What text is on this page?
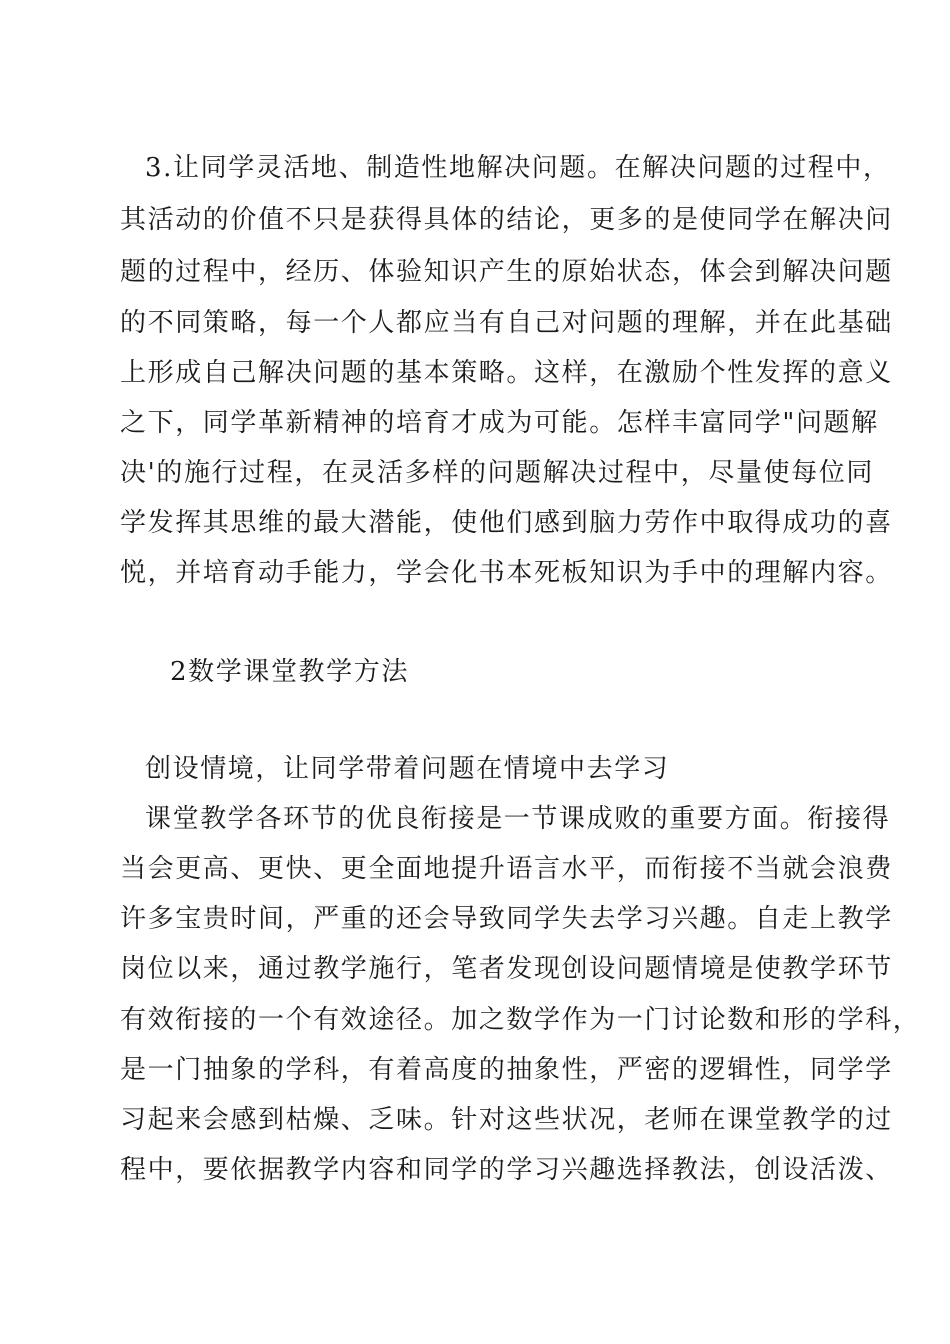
3.让同学灵活地、制造性地解决问题。在解决问题的过程中，
其活动的价值不只是获得具体的结论，更多的是使同学在解决问
题的过程中，经历、体验知识产生的原始状态，体会到解决问题
的不同策略，每一个人都应当有自己对问题的理解，并在此基础
上形成自己解决问题的基本策略。这样，在激励个性发挥的意义
之下，同学革新精神的培育才成为可能。怎样丰富同学"问题解
决'的施行过程，在灵活多样的问题解决过程中，尽量使每位同
学发挥其思维的最大潜能，使他们感到脑力劳作中取得成功的喜
悦，并培育动手能力，学会化书本死板知识为手中的理解内容。
2数学课堂教学方法
创设情境，让同学带着问题在情境中去学习
课堂教学各环节的优良衔接是一节课成败的重要方面。衔接得
当会更高、更快、更全面地提升语言水平，而衔接不当就会浪费
许多宝贵时间，严重的还会导致同学失去学习兴趣。自走上教学
岗位以来，通过教学施行，笔者发现创设问题情境是使教学环节
有效衔接的一个有效途径。加之数学作为一门讨论数和形的学科，
是一门抽象的学科，有着高度的抽象性，严密的逻辑性，同学学
习起来会感到枯燥、乏味。针对这些状况，老师在课堂教学的过
程中，要依据教学内容和同学的学习兴趣选择教法，创设活泼、
